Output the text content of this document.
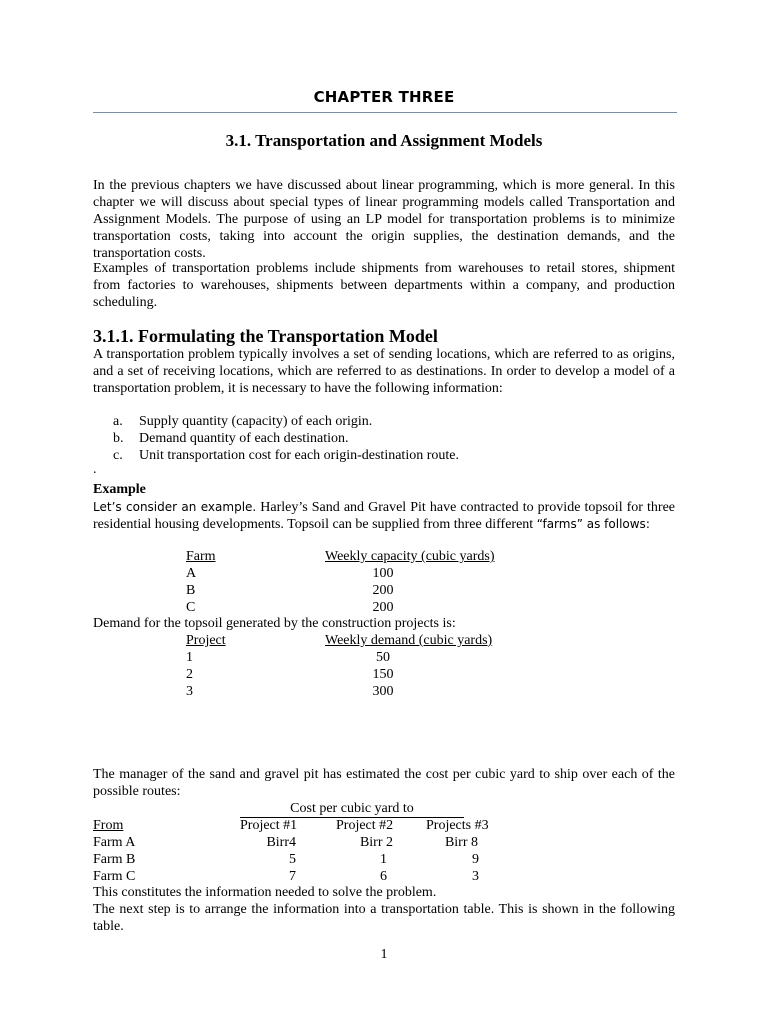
CHAPTER THREE
3.1. Transportation and Assignment Models

In the previous chapters we have discussed about linear programming, which is more general. In this chapter we will discuss about special types of linear programming models called Transportation and Assignment Models. The purpose of using an LP model for transportation problems is to minimize transportation costs, taking into account the origin supplies, the destination demands, and the transportation costs.

Examples of transportation problems include shipments from warehouses to retail stores, shipment from factories to warehouses, shipments between departments within a company, and production scheduling.

3.1.1. Formulating the Transportation Model

A transportation problem typically involves a set of sending locations, which are referred to as origins, and a set of receiving locations, which are referred to as destinations. In order to develop a model of a transportation problem, it is necessary to have the following information:

a. Supply quantity (capacity) of each origin.
b. Demand quantity of each destination.
c. Unit transportation cost for each origin-destination route.
.
Example

Let’s consider an example. Harley’s Sand and Gravel Pit have contracted to provide topsoil for three residential housing developments. Topsoil can be supplied from three different “farms” as follows:

Farm	Weekly capacity (cubic yards)
A	100
B	200
C	200

Demand for the topsoil generated by the construction projects is:

Project	Weekly demand (cubic yards)
1	50
2	150
3	300

The manager of the sand and gravel pit has estimated the cost per cubic yard to ship over each of the possible routes:

Cost per cubic yard to
From	Project #1	Project #2 Projects #3
Farm A	Birr4	Birr 2	Birr 8
Farm B	5	1	9
Farm C	7	6	3

This constitutes the information needed to solve the problem.

The next step is to arrange the information into a transportation table. This is shown in the following table.

1
